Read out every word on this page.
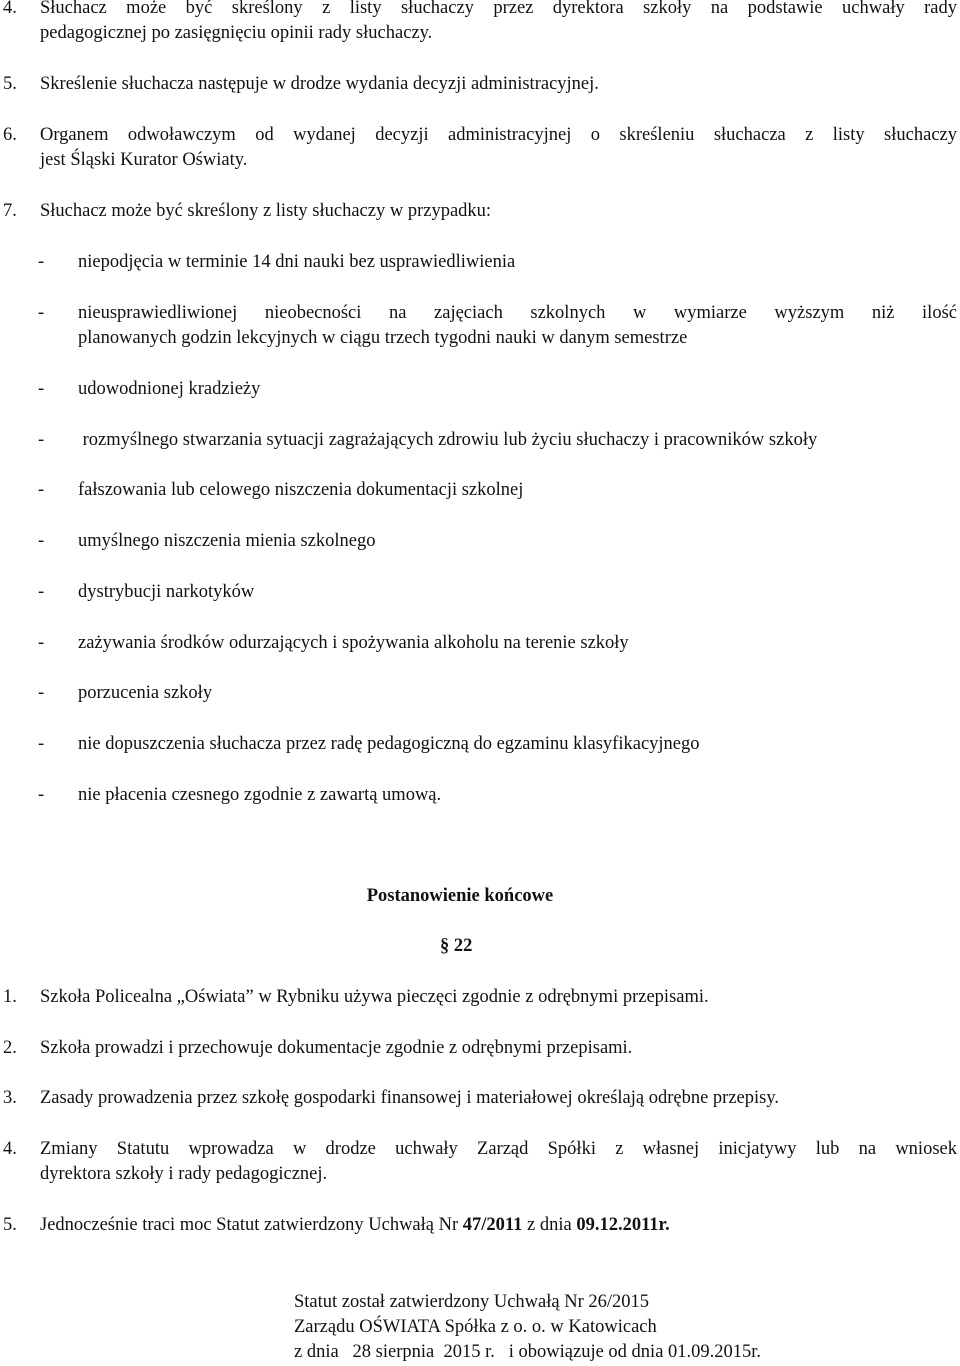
4. Słuchacz może być skreślony z listy słuchaczy przez dyrektora szkoły na podstawie uchwały rady
pedagogicznej po zasięgnięciu opinii rady słuchaczy.
5. Skreślenie słuchacza następuje w drodze wydania decyzji administracyjnej.
6. Organem odwoławczym od wydanej decyzji administracyjnej o skreśleniu słuchacza z listy słuchaczy
jest Śląski Kurator Oświaty.
7. Słuchacz może być skreślony z listy słuchaczy w przypadku:
- niepodjęcia w terminie 14 dni nauki bez usprawiedliwienia
- nieusprawiedliwionej nieobecności na zajęciach szkolnych w wymiarze wyższym niż ilość
planowanych godzin lekcyjnych w ciągu trzech tygodni nauki w danym semestrze
- udowodnionej kradzieży
- rozmyślnego stwarzania sytuacji zagrażających zdrowiu lub życiu słuchaczy i pracowników szkoły
- fałszowania lub celowego niszczenia dokumentacji szkolnej
- umyślnego niszczenia mienia szkolnego
- dystrybucji narkotyków
- zażywania środków odurzających i spożywania alkoholu na terenie szkoły
- porzucenia szkoły
- nie dopuszczenia słuchacza przez radę pedagogiczną do egzaminu klasyfikacyjnego
- nie płacenia czesnego zgodnie z zawartą umową.
Postanowienie końcowe
§ 22
1. Szkoła Policealna „Oświata” w Rybniku używa pieczęci zgodnie z odrębnymi przepisami.
2. Szkoła prowadzi i przechowuje dokumentacje zgodnie z odrębnymi przepisami.
3. Zasady prowadzenia przez szkołę gospodarki finansowej i materiałowej określają odrębne przepisy.
4. Zmiany Statutu wprowadza w drodze uchwały Zarząd Spółki z własnej inicjatywy lub na wniosek
dyrektora szkoły i rady pedagogicznej.
5. Jednocześnie traci moc Statut zatwierdzony Uchwałą Nr 47/2011 z dnia 09.12.2011r.
Statut został zatwierdzony Uchwałą Nr 26/2015
Zarządu OŚWIATA Spółka z o. o. w Katowicach
z dnia   28 sierpnia  2015 r.   i obowiązuje od dnia 01.09.2015r.
